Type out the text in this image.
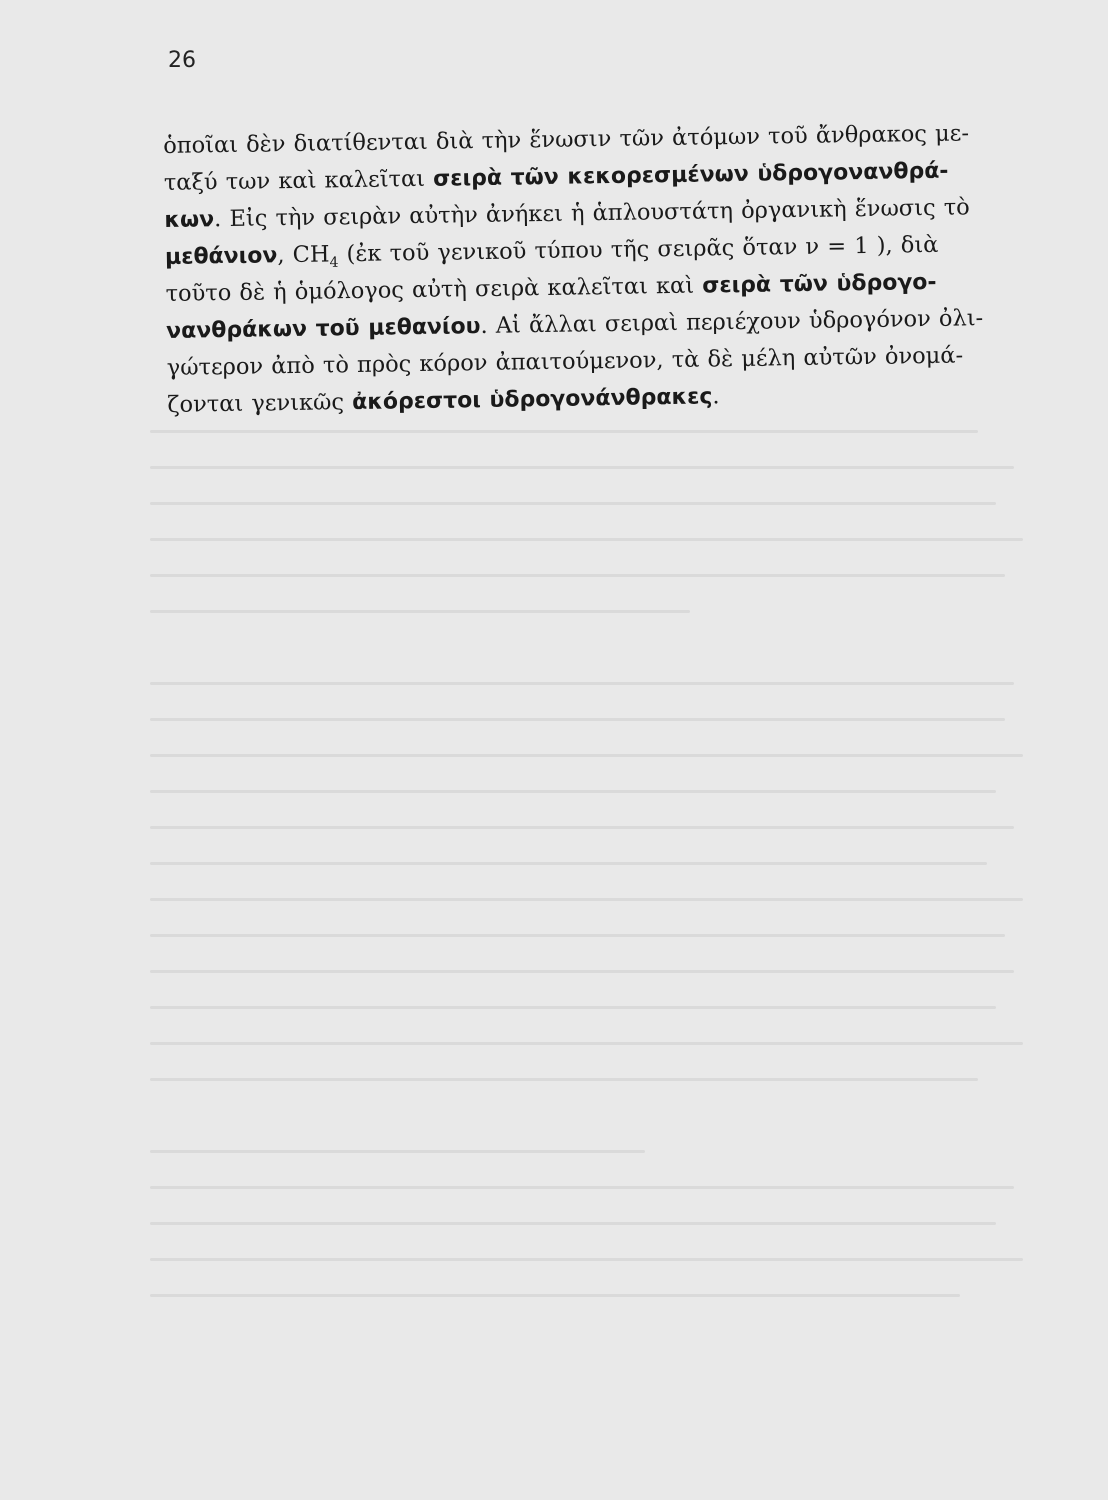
26
ὁποῖαι δὲν διατίθενται διὰ τὴν ἕνωσιν τῶν ἀτόμων τοῦ ἄνθρακος με-
ταξύ των καὶ καλεῖται σειρὰ τῶν κεκορεσμένων ὑδρογονανθρά-
κων. Εἰς τὴν σειρὰν αὐτὴν ἀνήκει ἡ ἁπλουστάτη ὀργανικὴ ἕνωσις τὸ
μεθάνιον, $CH_4$ (ἐκ τοῦ γενικοῦ τύπου τῆς σειρᾶς ὅταν ν = 1 ), διὰ
τοῦτο δὲ ἡ ὁμόλογος αὐτὴ σειρὰ καλεῖται καὶ σειρὰ τῶν ὑδρογο-
νανθράκων τοῦ μεθανίου. Αἱ ἄλλαι σειραὶ περιέχουν ὑδρογόνον ὀλι-
γώτερον ἀπὸ τὸ πρὸς κόρον ἀπαιτούμενον, τὰ δὲ μέλη αὐτῶν ὀνομά-
ζονται γενικῶς ἀκόρεστοι ὑδρογονάνθρακες.
